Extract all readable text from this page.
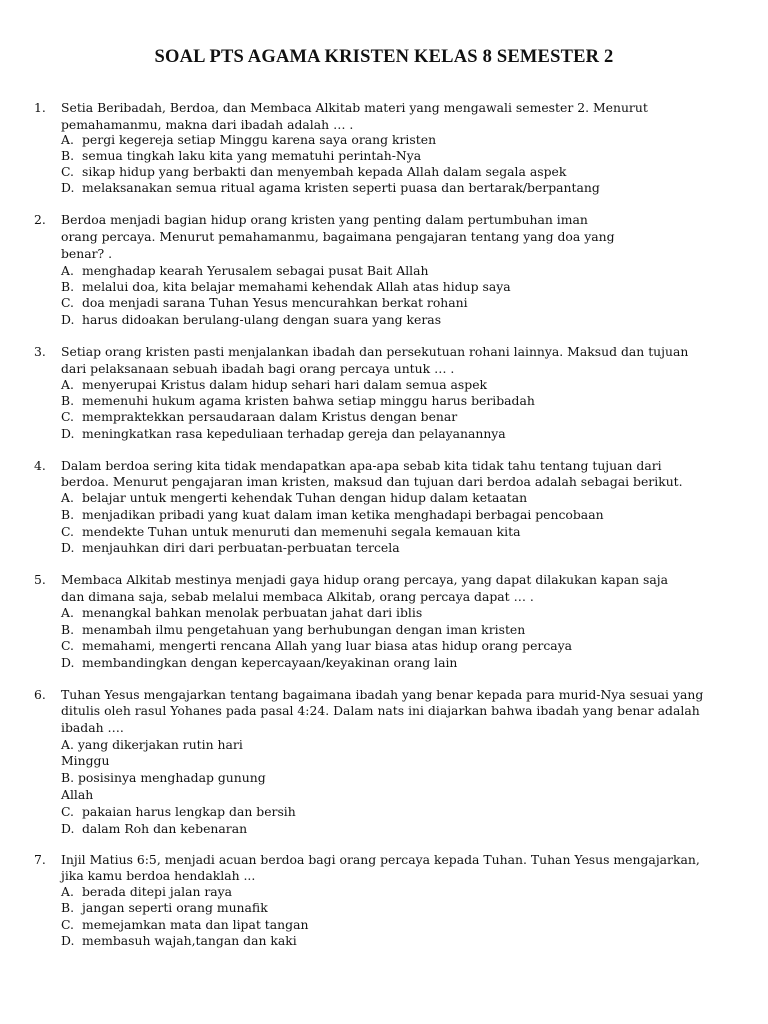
SOAL PTS AGAMA KRISTEN KELAS 8 SEMESTER 2
1. Setia Beribadah, Berdoa, dan Membaca Alkitab materi yang mengawali semester 2. Menurut
pemahamanmu, makna dari ibadah adalah … .
A. pergi kegereja setiap Minggu karena saya orang kristen
B. semua tingkah laku kita yang mematuhi perintah-Nya
C. sikap hidup yang berbakti dan menyembah kepada Allah dalam segala aspek
D. melaksanakan semua ritual agama kristen seperti puasa dan bertarak/berpantang
2. Berdoa menjadi bagian hidup orang kristen yang penting dalam pertumbuhan iman
orang percaya. Menurut pemahamanmu, bagaimana pengajaran tentang yang doa yang
benar? .
A. menghadap kearah Yerusalem sebagai pusat Bait Allah
B. melalui doa, kita belajar memahami kehendak Allah atas hidup saya
C. doa menjadi sarana Tuhan Yesus mencurahkan berkat rohani
D. harus didoakan berulang-ulang dengan suara yang keras
3. Setiap orang kristen pasti menjalankan ibadah dan persekutuan rohani lainnya. Maksud dan tujuan
dari pelaksanaan sebuah ibadah bagi orang percaya untuk … .
A. menyerupai Kristus dalam hidup sehari hari dalam semua aspek
B. memenuhi hukum agama kristen bahwa setiap minggu harus beribadah
C. mempraktekkan persaudaraan dalam Kristus dengan benar
D. meningkatkan rasa kepeduliaan terhadap gereja dan pelayanannya
4. Dalam berdoa sering kita tidak mendapatkan apa-apa sebab kita tidak tahu tentang tujuan dari
berdoa. Menurut pengajaran iman kristen, maksud dan tujuan dari berdoa adalah sebagai berikut.
A. belajar untuk mengerti kehendak Tuhan dengan hidup dalam ketaatan
B. menjadikan pribadi yang kuat dalam iman ketika menghadapi berbagai pencobaan
C. mendekte Tuhan untuk menuruti dan memenuhi segala kemauan kita
D. menjauhkan diri dari perbuatan-perbuatan tercela
5. Membaca Alkitab mestinya menjadi gaya hidup orang percaya, yang dapat dilakukan kapan saja
dan dimana saja, sebab melalui membaca Alkitab, orang percaya dapat … .
A. menangkal bahkan menolak perbuatan jahat dari iblis
B. menambah ilmu pengetahuan yang berhubungan dengan iman kristen
C. memahami, mengerti rencana Allah yang luar biasa atas hidup orang percaya
D. membandingkan dengan kepercayaan/keyakinan orang lain
6. Tuhan Yesus mengajarkan tentang bagaimana ibadah yang benar kepada para murid-Nya sesuai yang
ditulis oleh rasul Yohanes pada pasal 4:24. Dalam nats ini diajarkan bahwa ibadah yang benar adalah
ibadah ….
A. yang dikerjakan rutin hari
Minggu
B. posisinya menghadap gunung
Allah
C. pakaian harus lengkap dan bersih
D. dalam Roh dan kebenaran
7. Injil Matius 6:5, menjadi acuan berdoa bagi orang percaya kepada Tuhan. Tuhan Yesus mengajarkan,
jika kamu berdoa hendaklah ...
A. berada ditepi jalan raya
B. jangan seperti orang munafik
C. memejamkan mata dan lipat tangan
D. membasuh wajah,tangan dan kaki
